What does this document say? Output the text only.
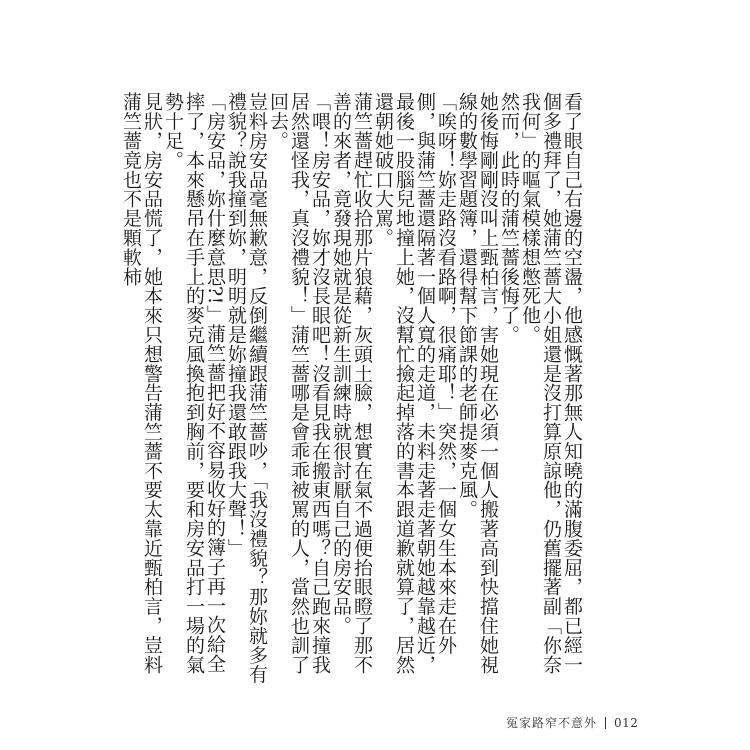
看了眼自己右邊的空盪，他感慨著那無人知曉的滿腹委屈，都已經一個多禮拜了，她蒲竺薔大小姐還是沒打算原諒他，仍舊擺著副「你奈我何」的嘔氣模樣想憋死他。

然而，此時的蒲竺薔後悔了。

她後悔剛剛沒叫上甄柏言，害她現在必須一個人搬著高到快擋住她視線的數學習題簿，還得幫下節課的老師提麥克風。

「唉呀！妳走路沒看路啊，很痛耶！」突然，一個女生本來走在外側，與蒲竺薔還隔著一個人寬的走道，未料走著走著朝她越靠越近，最後一股腦兒地撞上她，沒幫忙撿起掉落的書本跟道歉就算了，居然還朝她破口大罵。

蒲竺薔趕忙收拾那片狼藉，灰頭土臉，想實在氣不過便抬眼瞪了那不善的來者，竟發現她就是從新生訓練時就很討厭自己的房安品。

「喂！房安品，妳才沒長眼吧！沒看見我在搬東西嗎？自己跑來撞我居然還怪我，真沒禮貌！」蒲竺薔哪是會乖乖被罵的人，當然也訓了回去。

豈料房安品毫無歉意，反倒繼續跟蒲竺薔吵，「我沒禮貌？那妳就多有禮貌？說我撞到妳，明明就是妳撞我還敢跟我大聲！」

「房安品，妳什麼意思?!」蒲竺薔把好不容易收好的簿子再一次給全摔了，本來懸吊在手上的麥克風換抱到胸前，要和房安品打一場的氣勢十足。

見狀，房安品慌了，她本來只想警告蒲竺薔不要太靠近甄柏言，豈料蒲竺薔竟也不是顆軟柿

冤家路窄不意外 012
